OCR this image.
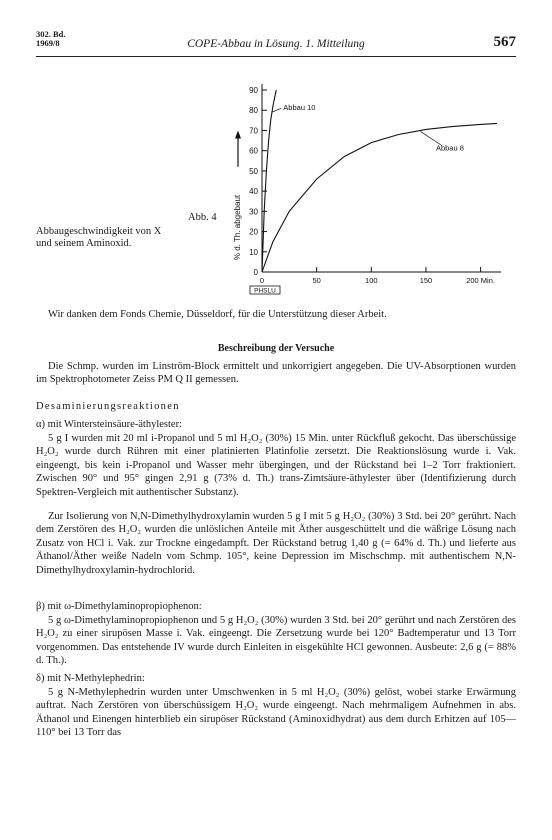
302. Bd.
1969/8	COPE-Abbau in Lösung. 1. Mitteilung	567
Abb. 4
Abbaugeschwindigkeit von X
und seinem Aminoxid.
0
10
20
30
40
50
60
70
80
90
0	50	100	150	200 Min.
% d. Th. abgebaut
Abbau 10
Abbau 8
PHSLU

Wir danken dem Fonds Chemie, Düsseldorf, für die Unterstützung dieser Arbeit.

Beschreibung der Versuche

Die Schmp. wurden im Linström-Block ermittelt und unkorrigiert angegeben. Die UV-Absorptionen wurden im Spektrophotometer Zeiss PM Q II gemessen.

Desaminierungsreaktionen

α) mit Wintersteinsäure-äthylester:

5 g I wurden mit 20 ml i-Propanol und 5 ml H₂O₂ (30%) 15 Min. unter Rückfluß gekocht. Das überschüssige H₂O₂ wurde durch Rühren mit einer platinierten Platinfolie zersetzt. Die Reaktionslösung wurde i. Vak. eingeengt, bis kein i-Propanol und Wasser mehr übergingen, und der Rückstand bei 1–2 Torr fraktioniert. Zwischen 90° und 95° gingen 2,91 g (73% d. Th.) trans-Zimtsäure-äthylester über (Identifizierung durch Spektren-Vergleich mit authentischer Substanz).

Zur Isolierung von N,N-Dimethylhydroxylamin wurden 5 g I mit 5 g H₂O₂ (30%) 3 Std. bei 20° gerührt. Nach dem Zerstören des H₂O₂ wurden die unlöslichen Anteile mit Äther ausgeschüttelt und die wäßrige Lösung nach Zusatz von HCl i. Vak. zur Trockne eingedampft. Der Rückstand betrug 1,40 g (= 64% d. Th.) und lieferte aus Äthanol/Äther weiße Nadeln vom Schmp. 105°, keine Depression im Mischschmp. mit authentischem N,N-Dimethylhydroxylamin-hydrochlorid.

β) mit ω-Dimethylaminopropiophenon:

5 g ω-Dimethylaminopropiophenon und 5 g H₂O₂ (30%) wurden 3 Std. bei 20° gerührt und nach Zerstören des H₂O₂ zu einer sirupösen Masse i. Vak. eingeengt. Die Zersetzung wurde bei 120° Badtemperatur und 13 Torr vorgenommen. Das entstehende IV wurde durch Einleiten in eisgekühlte HCl gewonnen. Ausbeute: 2,6 g (= 88% d. Th.).

δ) mit N-Methylephedrin:

5 g N-Methylephedrin wurden unter Umschwenken in 5 ml H₂O₂ (30%) gelöst, wobei starke Erwärmung auftrat. Nach Zerstören von überschüssigem H₂O₂ wurde eingeengt. Nach mehrmaligem Aufnehmen in abs. Äthanol und Einengen hinterblieb ein sirupöser Rückstand (Aminoxidhydrat) aus dem durch Erhitzen auf 105—110° bei 13 Torr das
